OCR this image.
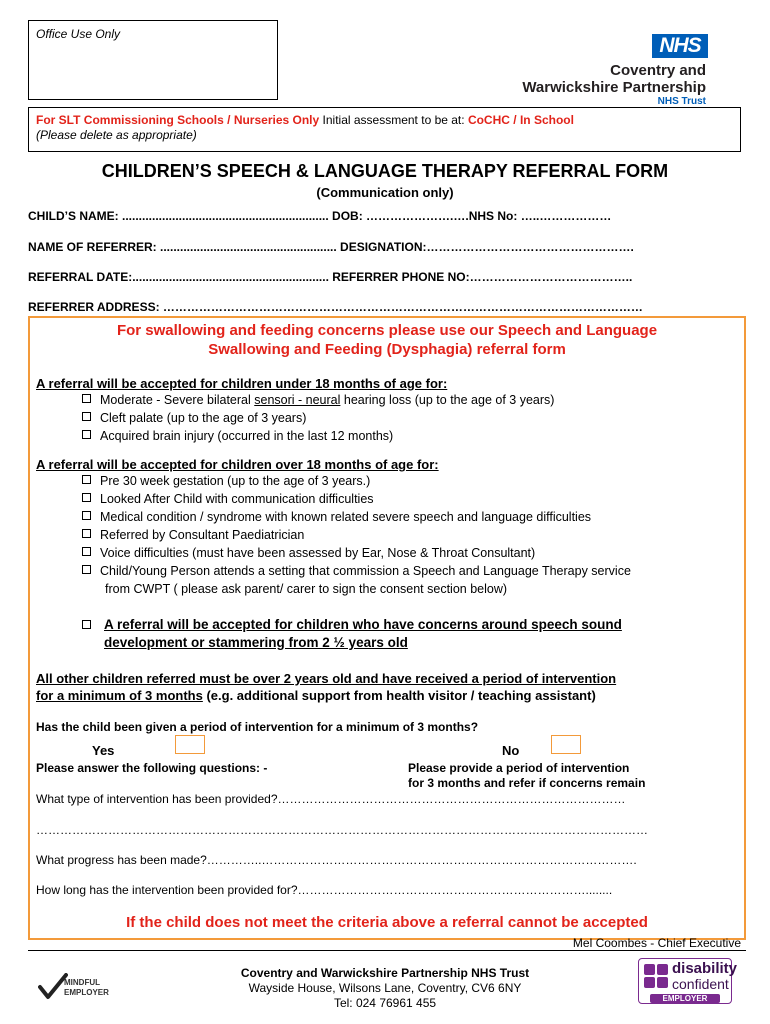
Office Use Only	NHS
Coventry and
Warwickshire Partnership
NHS Trust
For SLT Commissioning Schools / Nurseries Only Initial assessment to be at: CoCHC / In School
(Please delete as appropriate)
CHILDREN’S SPEECH & LANGUAGE THERAPY REFERRAL FORM
(Communication only)
CHILD’S NAME: .............................................................. DOB: ………………….….NHS No: …..………………
NAME OF REFERRER: ..................................................... DESIGNATION:…………………………………………….
REFERRAL DATE:........................................................... REFERRER PHONE NO:…………………………………..
REFERRER ADDRESS: …………………………………………………………………………………………………………
For swallowing and feeding concerns please use our Speech and Language
Swallowing and Feeding (Dysphagia) referral form
A referral will be accepted for children under 18 months of age for:
Moderate - Severe bilateral sensori - neural hearing loss (up to the age of 3 years)
Cleft palate (up to the age of 3 years)
Acquired brain injury (occurred in the last 12 months)
A referral will be accepted for children over 18 months of age for:
Pre 30 week gestation (up to the age of 3 years.)
Looked After Child with communication difficulties
Medical condition / syndrome with known related severe speech and language difficulties
Referred by Consultant Paediatrician
Voice difficulties (must have been assessed by Ear, Nose & Throat Consultant)
Child/Young Person attends a setting that commission a Speech and Language Therapy service
from CWPT ( please ask parent/ carer to sign the consent section below)
A referral will be accepted for children who have concerns around speech sound
development or stammering from 2 ½ years old
All other children referred must be over 2 years old and have received a period of intervention
for a minimum of 3 months (e.g. additional support from health visitor / teaching assistant)
Has the child been given a period of intervention for a minimum of 3 months?
Yes	No
Please answer the following questions: -	Please provide a period of intervention
for 3 months and refer if concerns remain
What type of intervention has been provided?……………………………………………………………………………
………………………………………………………………………………………………………………………………………
What progress has been made?…………..………………………………………………………………………………….
How long has the intervention been provided for?………………………………………………………………........
If the child does not meet the criteria above a referral cannot be accepted
Mel Coombes - Chief Executive
Coventry and Warwickshire Partnership NHS Trust
Wayside House, Wilsons Lane, Coventry, CV6 6NY
Tel: 024 76961 455
MINDFUL
EMPLOYER
disability
confident
EMPLOYER
